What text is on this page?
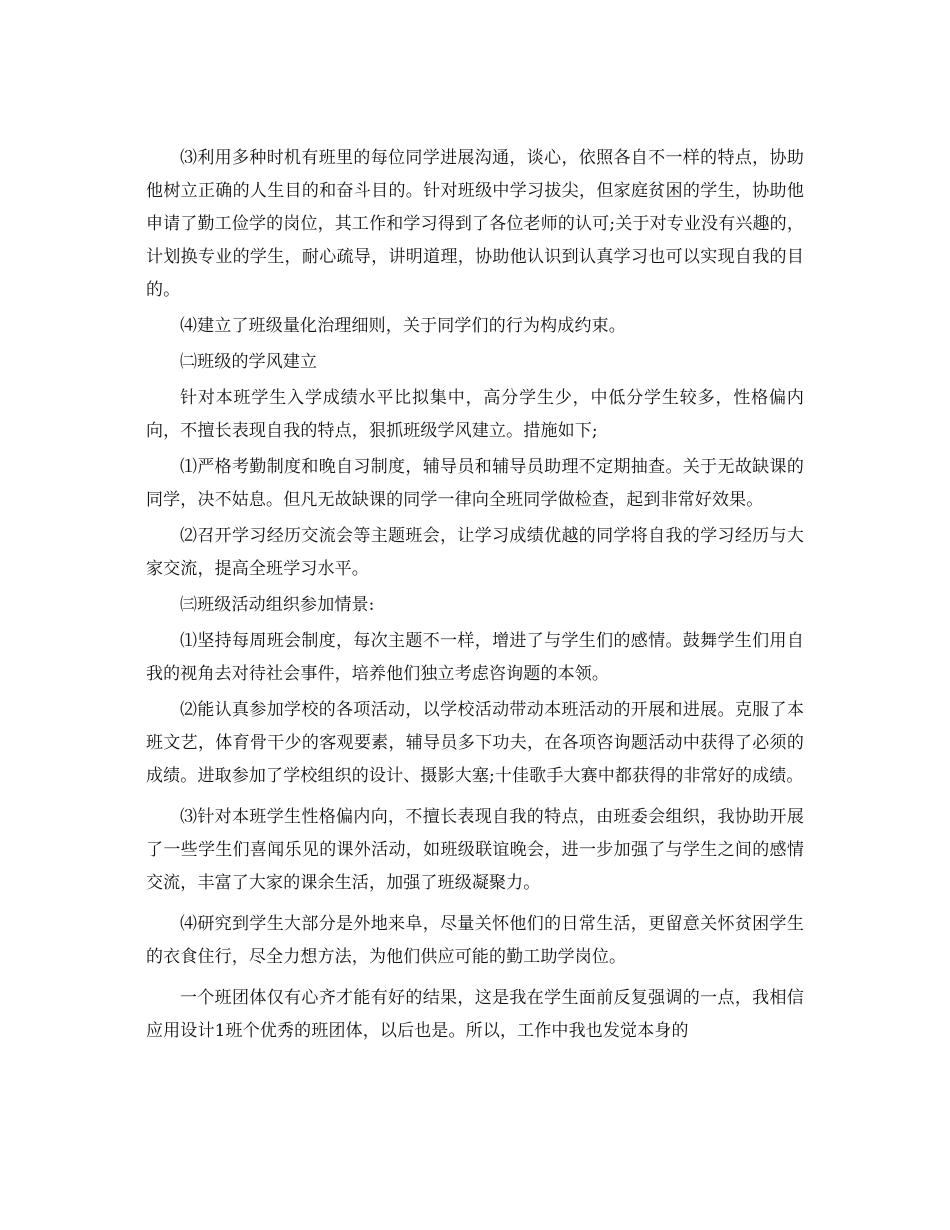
⑶利用多种时机有班里的每位同学进展沟通，谈心，依照各自不一样的特点，协助他树立正确的人生目的和奋斗目的。针对班级中学习拔尖，但家庭贫困的学生，协助他申请了勤工俭学的岗位，其工作和学习得到了各位老师的认可;关于对专业没有兴趣的，计划换专业的学生，耐心疏导，讲明道理，协助他认识到认真学习也可以实现自我的目的。

⑷建立了班级量化治理细则，关于同学们的行为构成约束。

㈡班级的学风建立

针对本班学生入学成绩水平比拟集中，高分学生少，中低分学生较多，性格偏内向，不擅长表现自我的特点，狠抓班级学风建立。措施如下;

⑴严格考勤制度和晚自习制度，辅导员和辅导员助理不定期抽查。关于无故缺课的同学，决不姑息。但凡无故缺课的同学一律向全班同学做检查，起到非常好效果。

⑵召开学习经历交流会等主题班会，让学习成绩优越的同学将自我的学习经历与大家交流，提高全班学习水平。

㈢班级活动组织参加情景:

⑴坚持每周班会制度，每次主题不一样，增进了与学生们的感情。鼓舞学生们用自我的视角去对待社会事件，培养他们独立考虑咨询题的本领。

⑵能认真参加学校的各项活动，以学校活动带动本班活动的开展和进展。克服了本班文艺，体育骨干少的客观要素，辅导员多下功夫，在各项咨询题活动中获得了必须的成绩。进取参加了学校组织的设计、摄影大塞;十佳歌手大赛中都获得的非常好的成绩。

⑶针对本班学生性格偏内向，不擅长表现自我的特点，由班委会组织，我协助开展了一些学生们喜闻乐见的课外活动，如班级联谊晚会，进一步加强了与学生之间的感情交流，丰富了大家的课余生活，加强了班级凝聚力。

⑷研究到学生大部分是外地来阜，尽量关怀他们的日常生活，更留意关怀贫困学生的衣食住行，尽全力想方法，为他们供应可能的勤工助学岗位。

一个班团体仅有心齐才能有好的结果，这是我在学生面前反复强调的一点，我相信应用设计1班个优秀的班团体，以后也是。所以，工作中我也发觉本身的
